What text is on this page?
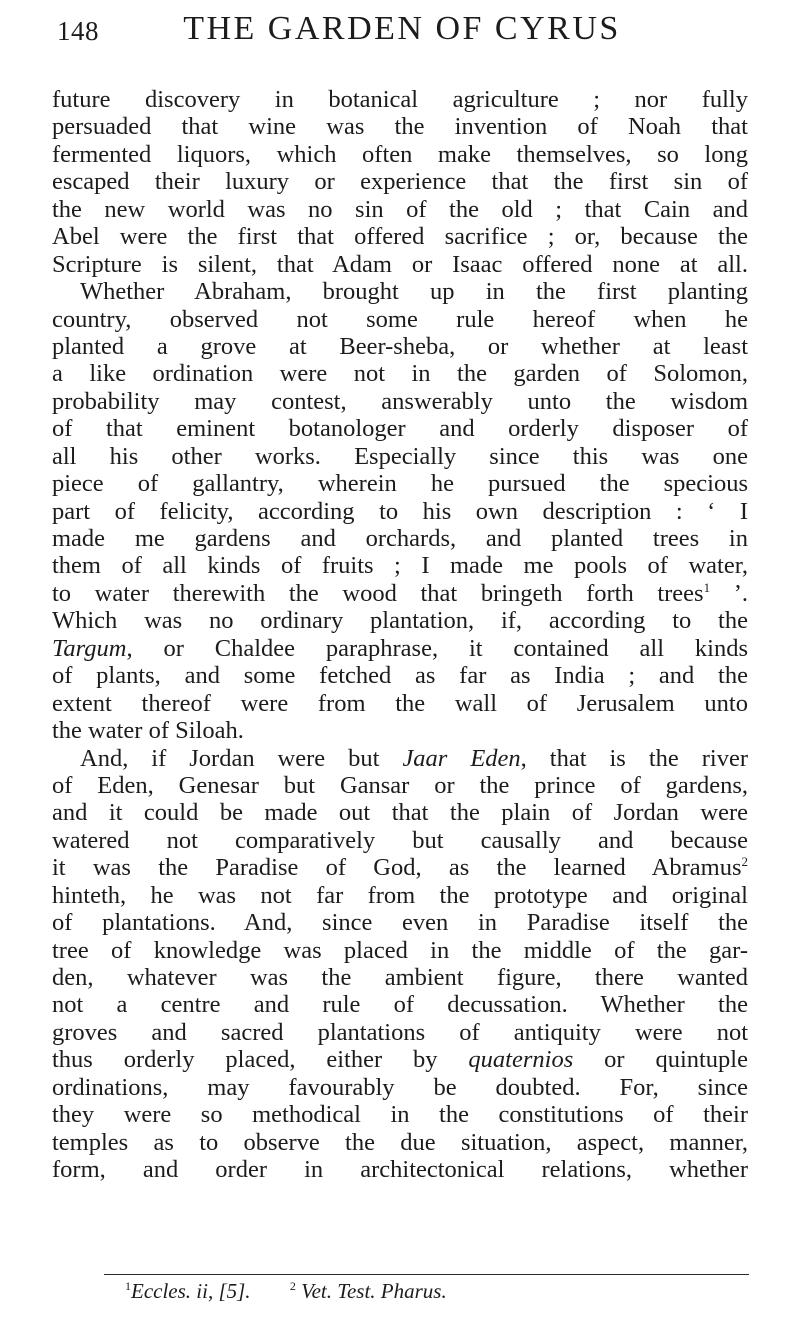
148	THE GARDEN OF CYRUS
future discovery in botanical agriculture ; nor fully
persuaded that wine was the invention of Noah that
fermented liquors, which often make themselves, so long
escaped their luxury or experience that the first sin of
the new world was no sin of the old ; that Cain and
Abel were the first that offered sacrifice ; or, because the
Scripture is silent, that Adam or Isaac offered none at all.
Whether Abraham, brought up in the first planting
country, observed not some rule hereof when he
planted a grove at Beer-sheba, or whether at least
a like ordination were not in the garden of Solomon,
probability may contest, answerably unto the wisdom
of that eminent botanologer and orderly disposer of
all his other works. Especially since this was one
piece of gallantry, wherein he pursued the specious
part of felicity, according to his own description : ‘ I
made me gardens and orchards, and planted trees in
them of all kinds of fruits ; I made me pools of water,
to water therewith the wood that bringeth forth trees$^1$ ’.
Which was no ordinary plantation, if, according to the
Targum, or Chaldee paraphrase, it contained all kinds
of plants, and some fetched as far as India ; and the
extent thereof were from the wall of Jerusalem unto
the water of Siloah.
And, if Jordan were but Jaar Eden, that is the river
of Eden, Genesar but Gansar or the prince of gardens,
and it could be made out that the plain of Jordan were
watered not comparatively but causally and because
it was the Paradise of God, as the learned Abramus$^2$
hinteth, he was not far from the prototype and original
of plantations. And, since even in Paradise itself the
tree of knowledge was placed in the middle of the gar-
den, whatever was the ambient figure, there wanted
not a centre and rule of decussation. Whether the
groves and sacred plantations of antiquity were not
thus orderly placed, either by quaternios or quintuple
ordinations, may favourably be doubted. For, since
they were so methodical in the constitutions of their
temples as to observe the due situation, aspect, manner,
form, and order in architectonical relations, whether
$^1$Eccles. ii, [5].	$^2$ Vet. Test. Pharus.
